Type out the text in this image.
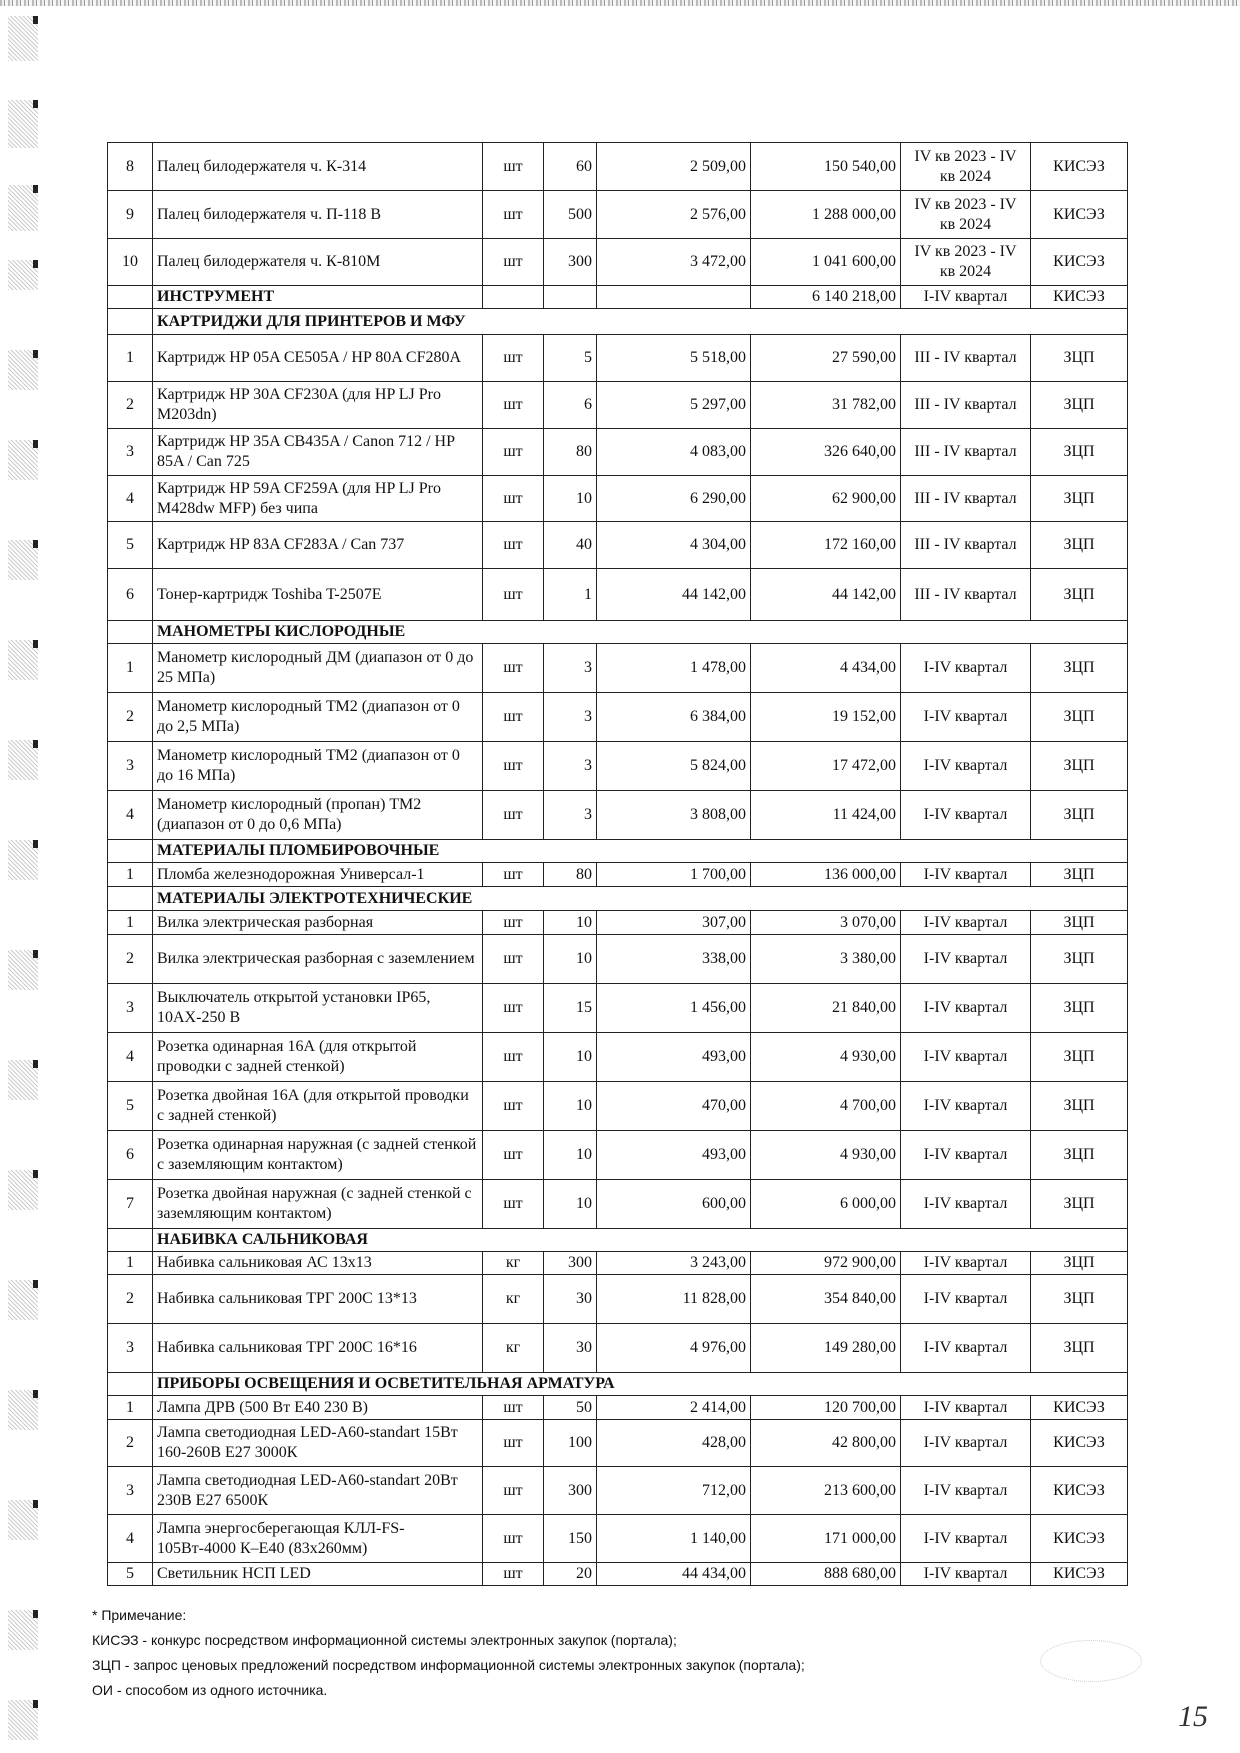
8	Палец билодержателя ч. К-314	шт	60	2 509,00	150 540,00	IV кв 2023 - IV кв 2024	КИСЭЗ
9	Палец билодержателя ч. П-118 В	шт	500	2 576,00	1 288 000,00	IV кв 2023 - IV кв 2024	КИСЭЗ
10	Палец билодержателя ч. К-810М	шт	300	3 472,00	1 041 600,00	IV кв 2023 - IV кв 2024	КИСЭЗ
	ИНСТРУМЕНТ				6 140 218,00	I-IV квартал	КИСЭЗ
	КАРТРИДЖИ ДЛЯ ПРИНТЕРОВ И МФУ						
1	Картридж HP 05A CE505A / HP 80A CF280A	шт	5	5 518,00	27 590,00	III - IV квартал	ЗЦП
2	Картридж HP 30A CF230A (для HP LJ Pro M203dn)	шт	6	5 297,00	31 782,00	III - IV квартал	ЗЦП
3	Картридж HP 35A CB435A / Canon 712 / HP 85A / Can 725	шт	80	4 083,00	326 640,00	III - IV квартал	ЗЦП
4	Картридж HP 59A CF259A (для HP LJ Pro M428dw MFP) без чипа	шт	10	6 290,00	62 900,00	III - IV квартал	ЗЦП
5	Картридж HP 83A CF283A / Can 737	шт	40	4 304,00	172 160,00	III - IV квартал	ЗЦП
6	Тонер-картридж Toshiba T-2507E	шт	1	44 142,00	44 142,00	III - IV квартал	ЗЦП
	МАНОМЕТРЫ КИСЛОРОДНЫЕ						
1	Манометр кислородный ДМ (диапазон от 0 до 25 МПа)	шт	3	1 478,00	4 434,00	I-IV квартал	ЗЦП
2	Манометр кислородный ТМ2 (диапазон от 0 до 2,5 МПа)	шт	3	6 384,00	19 152,00	I-IV квартал	ЗЦП
3	Манометр кислородный ТМ2 (диапазон от 0 до 16 МПа)	шт	3	5 824,00	17 472,00	I-IV квартал	ЗЦП
4	Манометр кислородный (пропан) ТМ2 (диапазон от 0 до 0,6 МПа)	шт	3	3 808,00	11 424,00	I-IV квартал	ЗЦП
	МАТЕРИАЛЫ ПЛОМБИРОВОЧНЫЕ						
1	Пломба железнодорожная Универсал-1	шт	80	1 700,00	136 000,00	I-IV квартал	ЗЦП
	МАТЕРИАЛЫ ЭЛЕКТРОТЕХНИЧЕСКИЕ						
1	Вилка электрическая разборная	шт	10	307,00	3 070,00	I-IV квартал	ЗЦП
2	Вилка электрическая разборная с заземлением	шт	10	338,00	3 380,00	I-IV квартал	ЗЦП
3	Выключатель открытой установки IP65, 10АХ-250 В	шт	15	1 456,00	21 840,00	I-IV квартал	ЗЦП
4	Розетка одинарная 16А (для открытой проводки с задней стенкой)	шт	10	493,00	4 930,00	I-IV квартал	ЗЦП
5	Розетка двойная 16А (для открытой проводки с задней стенкой)	шт	10	470,00	4 700,00	I-IV квартал	ЗЦП
6	Розетка одинарная наружная (с задней стенкой с заземляющим контактом)	шт	10	493,00	4 930,00	I-IV квартал	ЗЦП
7	Розетка двойная наружная (с задней стенкой с заземляющим контактом)	шт	10	600,00	6 000,00	I-IV квартал	ЗЦП
	НАБИВКА САЛЬНИКОВАЯ						
1	Набивка сальниковая АС 13х13	кг	300	3 243,00	972 900,00	I-IV квартал	ЗЦП
2	Набивка сальниковая ТРГ 200С 13*13	кг	30	11 828,00	354 840,00	I-IV квартал	ЗЦП
3	Набивка сальниковая ТРГ 200С 16*16	кг	30	4 976,00	149 280,00	I-IV квартал	ЗЦП
	ПРИБОРЫ ОСВЕЩЕНИЯ И ОСВЕТИТЕЛЬНАЯ АРМАТУРА						
1	Лампа ДРВ (500 Вт Е40 230 В)	шт	50	2 414,00	120 700,00	I-IV квартал	КИСЭЗ
2	Лампа светодиодная LED-A60-standart 15Вт 160-260В E27 3000К	шт	100	428,00	42 800,00	I-IV квартал	КИСЭЗ
3	Лампа светодиодная LED-A60-standart 20Вт 230В E27 6500К	шт	300	712,00	213 600,00	I-IV квартал	КИСЭЗ
4	Лампа энергосберегающая КЛЛ-FS-105Вт-4000 К–Е40 (83х260мм)	шт	150	1 140,00	171 000,00	I-IV квартал	КИСЭЗ
5	Светильник НСП LED	шт	20	44 434,00	888 680,00	I-IV квартал	КИСЭЗ
* Примечание:
КИСЭЗ - конкурс посредством информационной системы электронных закупок (портала);
ЗЦП - запрос ценовых предложений посредством информационной системы электронных закупок (портала);
ОИ - способом из одного источника.
15
